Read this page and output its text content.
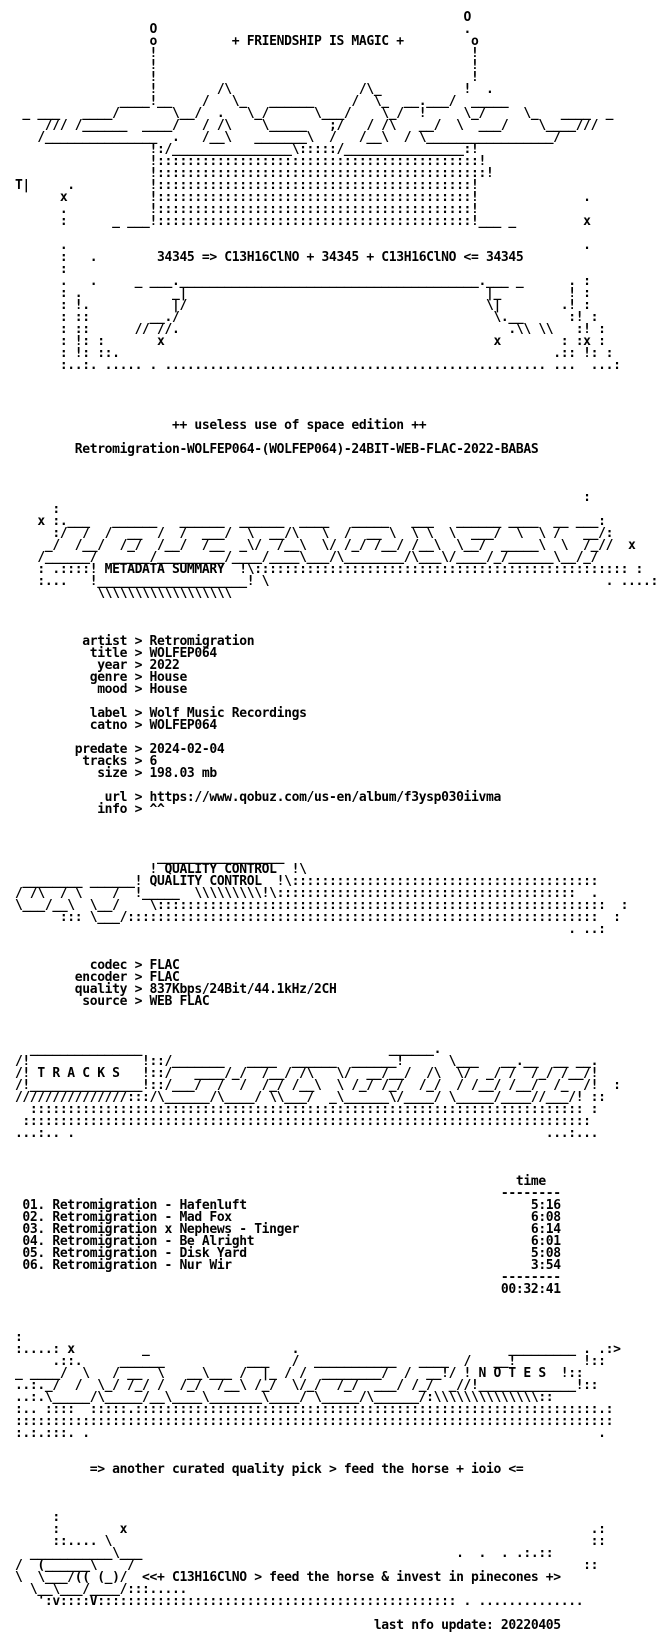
O
O                                         .
o          + FRIENDSHIP IS MAGIC +         o
!                                          !
!                                          !
!                                          !
!        /\                 /\_           !  .
____!__    /   \_   ______     /  \_  __.___/  _____
_ ___   ____/       \__/  .   \_/      \___/    \_/  !     \_/     \_   ____  _
/// /______  ____/   / /\    \_____   ;/   / /\   __/  \  ___/    \____///
/_______________  .   /__\   _______\  /   /__\  / \_________________/
!:/________________\:::::/________________:!
!:::::::::::::::::::::::::::::::::::::::::::!
!::::::::::::::::::::::::::::::::::::::::::::!
T|     .          !::::::::::::::::::::::::::::::::::::::::::!
x           !::::::::::::::::::::::::::::::::::::::::::!              .
.           !::::::::::::::::::::::::::::::::::::::::::!
:      _ ___!::::::::::::::::::::::::::::::::::::::::::!___ _         x
.                                                                     .
:   .        34345 => C13H16ClNO + 34345 + C13H16ClNO <= 34345
:
.   .     _ ___.________________________________________.___ _      . :
: .            _|                                        |_         ! :
: !.           |/                                        \|        .! :
: ::        __./                                          \.__      :! :
: ::      // //.                                            .\\ \\   :! :
: !: :       x                                            x        : :x :
: !: ::.                                                          .:: !: :
:..:. ..... . ................................................... ...  ...:
++ useless use of space edition ++
Retromigration-WOLFEP064-(WOLFEP064)-24BIT-WEB-FLAC-2022-BABAS
:
:
x :.___   ______   ______  ______  ____   _____   ___   ______ ____  __ ___:
:/  /  /  __  /  /  ___/  \  __/\   \  /  __ \  \ \  \  ___/  \  \ /   __/:
_/  /__/  /_/  /__/  /__  _\/  /__\  \/ /_/ /__/ /__\  \__/  _____\  \  /_//  x
/______/  _____/_________/____/____\___/\________/\___\/____/_/______\__/_/
: .::::! METADATA SUMMARY  !\:::::::::::::::::::::::::::::::::::::::::::::::::: :
:...   !____________________! \                                             . ....:
\\\\\\\\\\\\\\\\\\
artist > Retromigration
title > WOLFEP064
year > 2022
genre > House
mood > House
label > Wolf Music Recordings
catno > WOLFEP064
predate > 2024-02-04
tracks > 6
size > 198.03 mb
url > https://www.qobuz.com/us-en/album/f3ysp030iivma
info > ^^
_________________
! QUALITY CONTROL  !\
________ ______! QUALITY CONTROL  !\:::::::::::::::::::::::::::::::::::::::::
/ /\  / \    /  !_____  \\\\\\\\\!\::::::::::::::::::::::::::::::::::::::::  .
\___/__\  \__/    \::::::::::::::::::::::::::::::::::::::::::::::::::::::::::::  :
::: \___/:::::::::::::::::::::::::::::::::::::::::::::::::::::::::::::::  :
. ..:
codec > FLAC
encoder > FLAC
quality > 837Kbps/24Bit/44.1kHz/2CH
source > WEB FLAC
_______________                                 ______.
/!               !::/_______   ____  ______  ______!      \___   __.__  __ __.
/! T R A C K S   !::/   ____/_/  /__/ /\   \/  __/__/  /\  \/  _/ /  /_/ /__/!
/!_______________!::/___/  /  /  /_/ /__\  \ /_/ /_/  /_/  / /__/ /__/  /_  /!  :
///////////////:::/\______/\____/ \\___/  _\______\/____/ \_____/____//___/! ::
:::::::::::::::::::::::::::::::::::::::::::::::::::::::::::::::::::::::::: :
::::::::::::::::::::::::::::::::::::::::::::::::::::::::::::::::::::::::::::
...:.. .                                                               ...:...
time
--------
01. Retromigration - Hafenluft                                      5:16
02. Retromigration - Mad Fox                                        6:08
03. Retromigration x Nephews - Tinger                               6:14
04. Retromigration - Be Alright                                     6:01
05. Retromigration - Disk Yard                                      5:08
06. Retromigration - Nur Wir                                        3:54
--------
00:32:41
:
:....: x         _                   .                            _________ . .:>
.::.     ______           ___   /  ___________   ____  /   __!         !::
_ ____/  \   / __  \   __\___ /  |_ / /  ________/  /  __!/ ! N O T E S  !::
..:._/  /  \_/ /_/ /  /_/  /__\ /_/  \/_/  /_/  ___/ /_/  _//!_____________!::
..:.\_____/\_____/__\____\_______\____/ \_____/\______/:\\\\\\\\\\\\\\::
:.. ::::  :::::.::::::::::::::::::::::::::::::::::::::::::::::::::::::::::::::.:
::::::::::::::::::::::::::::::::::::::::::::::::::::::::::::::::::::::::::::::::
:.:.:::. .                                                                    .
=> another curated quality pick > feed the horse + ioio <=
:
:        x                                                              .:
::.... \                                                                ::
___________\___                                          .  .  . .:.::
/  (______\    /                                                            ::
\  \___/(( (_)/  <<+ C13H16ClNO > feed the horse & invest in pinecones +>
\__\___/____/:::.....
':v::::V:::::::::::::::::::::::::::::::::::::::::::::::: . ..............
last nfo update: 20220405
